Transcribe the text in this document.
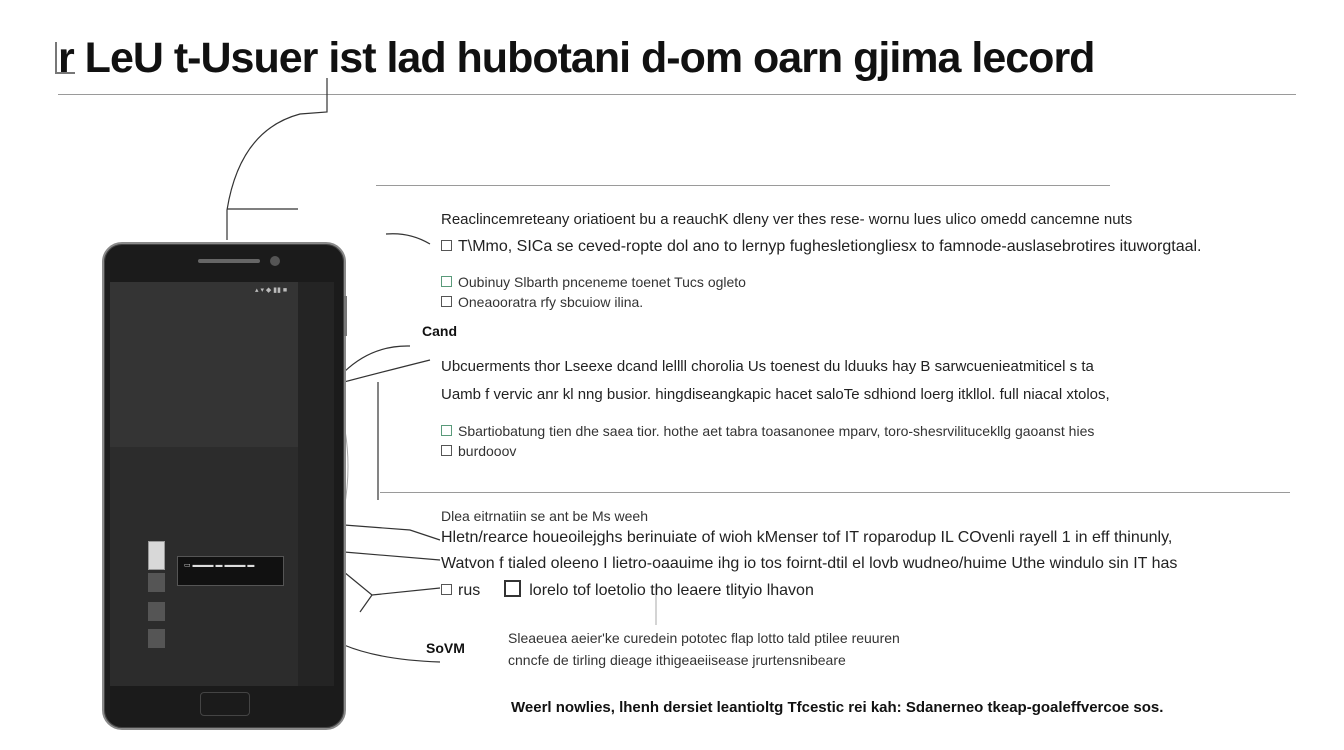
r LeU t-Usuer ist lad hubotani d-om oarn gjima lecord
▴ ▾ ◆ ▮▮ ■
▭ ▬▬▬ ▬ ▬▬▬ ▬
Reaclincemreteany oriatioent bu a reauchK dleny ver thes rese- wornu lues ulico omedd cancemne nuts
T\Mmo, SICa se ceved-ropte dol ano to lernyp fughesletiongliesx to famnode-auslasebrotires ituworgtaal.
Oubinuy Slbarth pnceneme toenet Tucs ogleto
Oneaooratra rfy sbcuiow ilina.
Cand
Ubcuerments thor Lseexe dcand lellll chorolia Us toenest du lduuks hay B sarwcuenieatmiticel s ta
Uamb f vervic anr kl nng busior. hingdiseangkapic hacet saloTe sdhiond loerg itkllol. full niacal xtolos,
Sbartiobatung tien dhe saea tior. hothe aet tabra toasanonee mparv, toro-shesrvilitucekllg gaoanst hies
burdooov
Dlea eitrnatiin se ant be Ms weeh
Hletn/rearce houeoilejghs berinuiate of wioh kMenser tof IT roparodup IL COvenli rayell 1 in eff thinunly,
Watvon f tialed oleeno I lietro-oaauime ihg io tos foirnt-dtil el lovb wudneo/huime Uthe windulo sin IT has
rus	lorelo tof loetolio tho leaere tlityio lhavon
SoVM
Sleaeuea aeier'ke curedein pototec flap lotto tald ptilee reuuren
cnncfe de tirling dieage ithigeaeiisease jrurtensnibeare
Weerl nowlies, lhenh dersiet leantioltg Tfcestic rei kah: Sdanerneo tkeap-goaleffvercoe sos.
